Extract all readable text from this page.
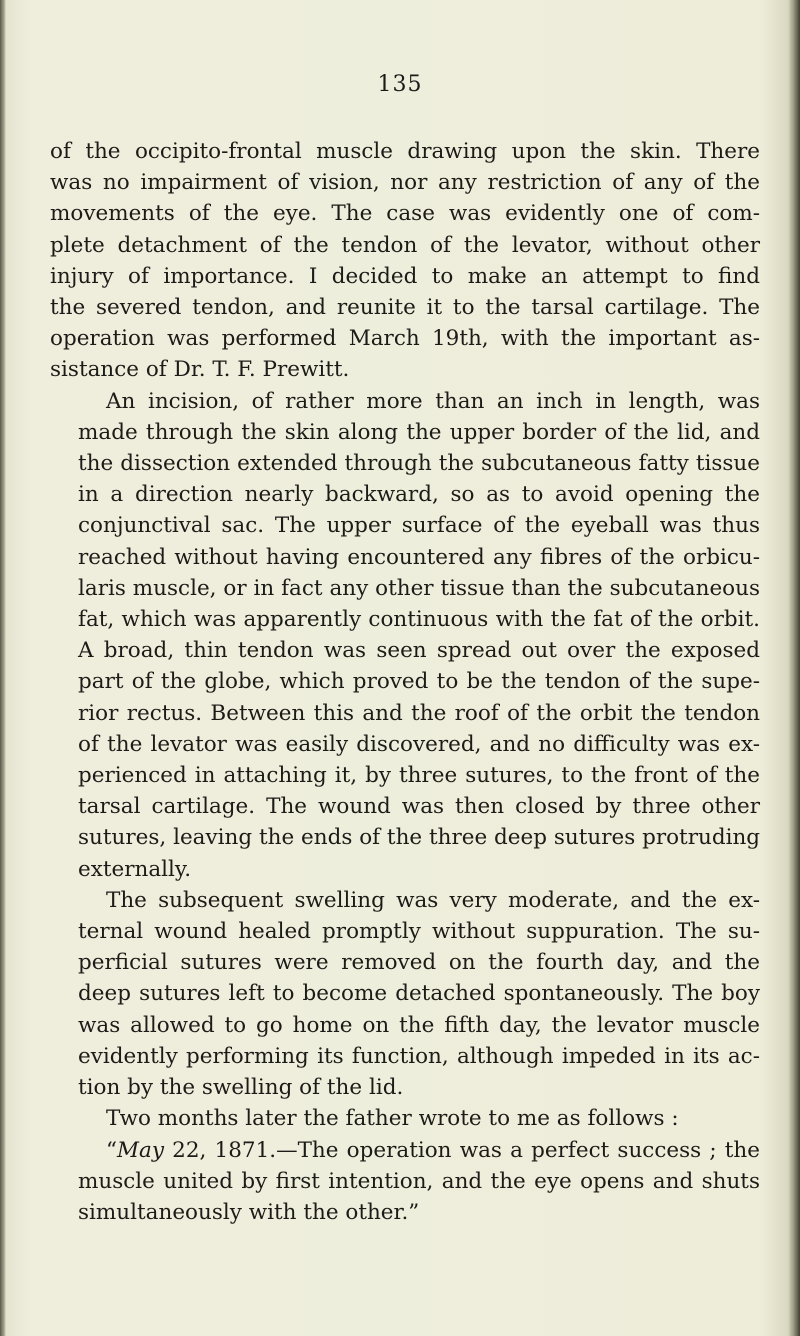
135

of the occipito-frontal muscle drawing upon the skin. There
was no impairment of vision, nor any restriction of any of the
movements of the eye. The case was evidently one of com-
plete detachment of the tendon of the levator, without other
injury of importance. I decided to make an attempt to find
the severed tendon, and reunite it to the tarsal cartilage. The
operation was performed March 19th, with the important as-
sistance of Dr. T. F. Prewitt.

An incision, of rather more than an inch in length, was
made through the skin along the upper border of the lid, and
the dissection extended through the subcutaneous fatty tissue
in a direction nearly backward, so as to avoid opening the
conjunctival sac. The upper surface of the eyeball was thus
reached without having encountered any fibres of the orbicu-
laris muscle, or in fact any other tissue than the subcutaneous
fat, which was apparently continuous with the fat of the orbit.
A broad, thin tendon was seen spread out over the exposed
part of the globe, which proved to be the tendon of the supe-
rior rectus. Between this and the roof of the orbit the tendon
of the levator was easily discovered, and no difficulty was ex-
perienced in attaching it, by three sutures, to the front of the
tarsal cartilage. The wound was then closed by three other
sutures, leaving the ends of the three deep sutures protruding
externally.

The subsequent swelling was very moderate, and the ex-
ternal wound healed promptly without suppuration. The su-
perficial sutures were removed on the fourth day, and the
deep sutures left to become detached spontaneously. The boy
was allowed to go home on the fifth day, the levator muscle
evidently performing its function, although impeded in its ac-
tion by the swelling of the lid.

Two months later the father wrote to me as follows :

“May 22, 1871.—The operation was a perfect success ; the
muscle united by first intention, and the eye opens and shuts
simultaneously with the other.”
